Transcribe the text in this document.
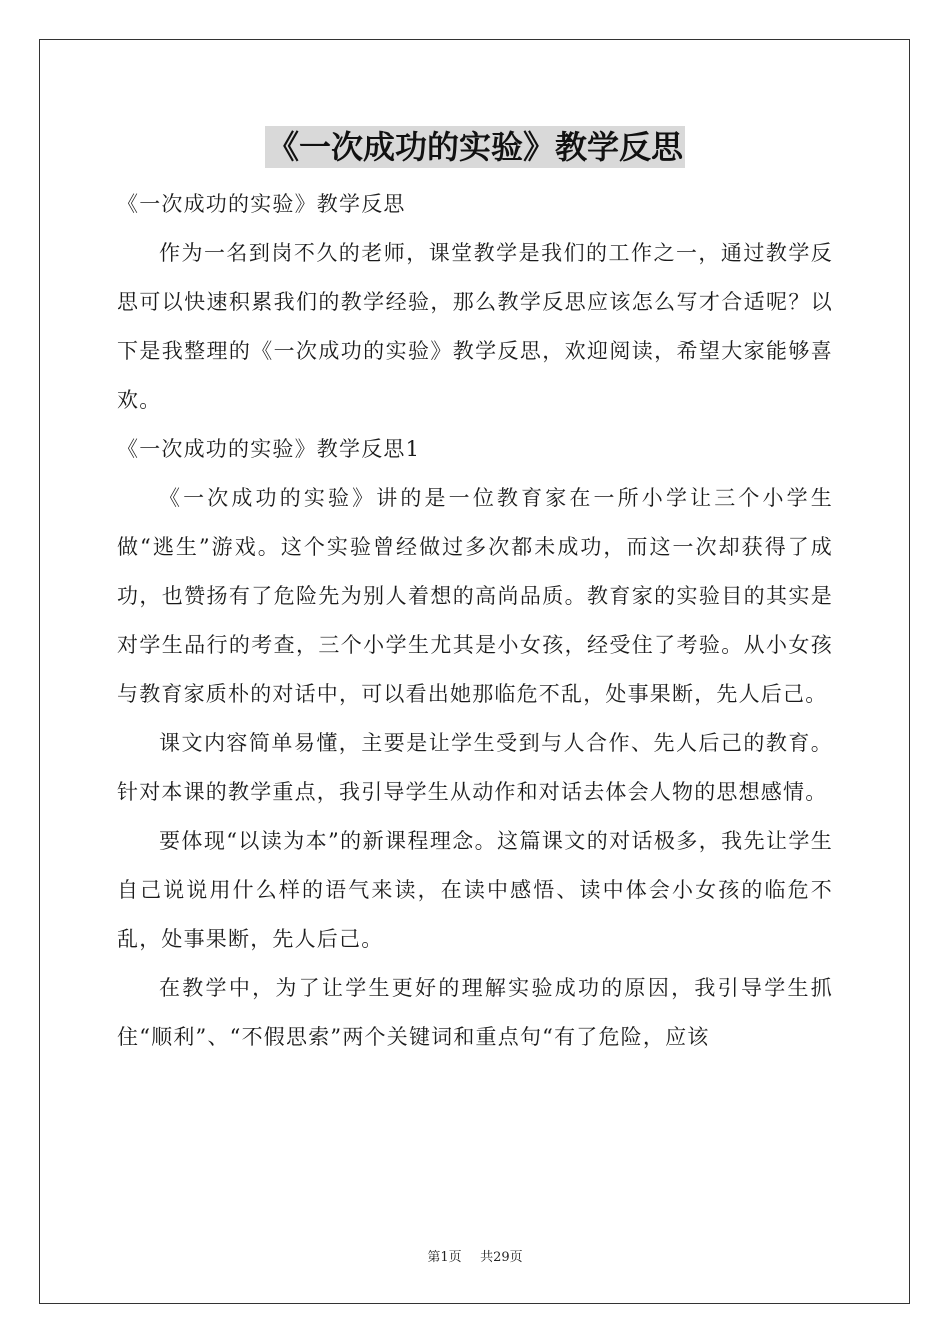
《一次成功的实验》教学反思

《一次成功的实验》教学反思

作为一名到岗不久的老师，课堂教学是我们的工作之一，通过教学反思可以快速积累我们的教学经验，那么教学反思应该怎么写才合适呢？以下是我整理的《一次成功的实验》教学反思，欢迎阅读，希望大家能够喜欢。

《一次成功的实验》教学反思1

《一次成功的实验》讲的是一位教育家在一所小学让三个小学生做“逃生”游戏。这个实验曾经做过多次都未成功，而这一次却获得了成功，也赞扬有了危险先为别人着想的高尚品质。教育家的实验目的其实是对学生品行的考查，三个小学生尤其是小女孩，经受住了考验。从小女孩与教育家质朴的对话中，可以看出她那临危不乱，处事果断，先人后己。

课文内容简单易懂，主要是让学生受到与人合作、先人后己的教育。针对本课的教学重点，我引导学生从动作和对话去体会人物的思想感情。

要体现“以读为本”的新课程理念。这篇课文的对话极多，我先让学生自己说说用什么样的语气来读，在读中感悟、读中体会小女孩的临危不乱，处事果断，先人后己。

在教学中，为了让学生更好的理解实验成功的原因，我引导学生抓住“顺利”、“不假思索”两个关键词和重点句“有了危险，应该

第1页 共29页
